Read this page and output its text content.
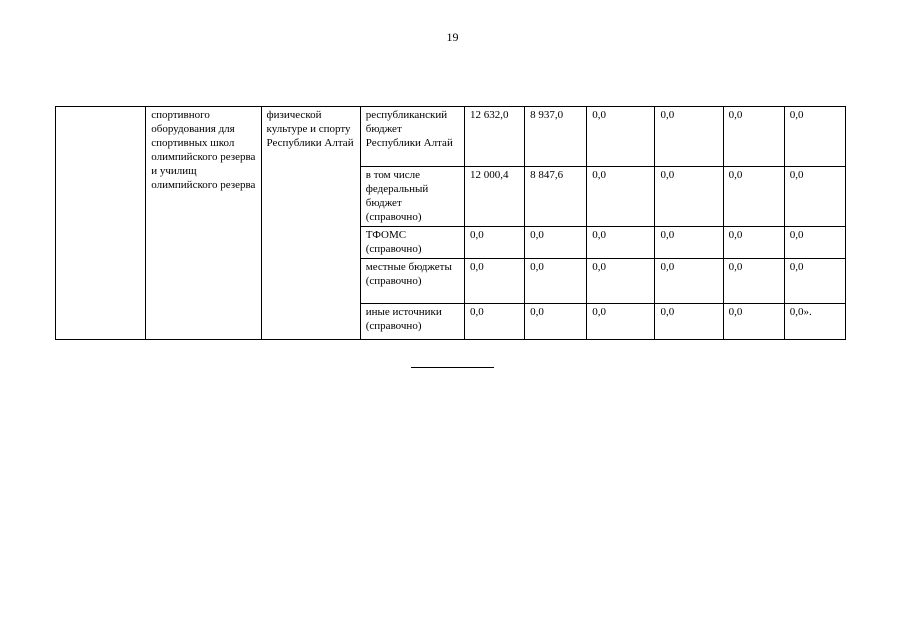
19
	спортивного оборудования для спортивных школ олимпийского резерва и училищ олимпийского резерва	физической культуре и спорту Республики Алтай	республиканский бюджет Республики Алтай	12 632,0	8 937,0	0,0	0,0	0,0	0,0
			в том числе федеральный бюджет (справочно)	12 000,4	8 847,6	0,0	0,0	0,0	0,0
			ТФОМС (справочно)	0,0	0,0	0,0	0,0	0,0	0,0
			местные бюджеты (справочно)	0,0	0,0	0,0	0,0	0,0	0,0
			иные источники (справочно)	0,0	0,0	0,0	0,0	0,0	0,0».
